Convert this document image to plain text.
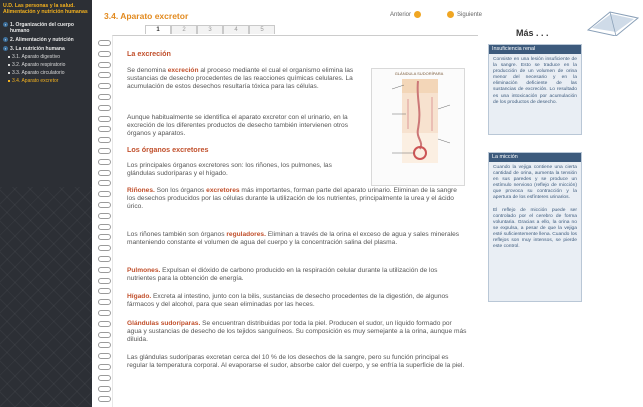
U.D. Las personas y la salud. Alimentación y nutrición humanas
› 1. Organización del cuerpo humano
› 2. Alimentación y nutrición
› 3. La nutrición humana
3.1. Aparato digestivo
3.2. Aparato respiratorio
3.3. Aparato circulatorio
3.4. Aparato excretor
3.4. Aparato excretor	Anterior	Siguiente
1	2	3	4	5
La excreción

Se denomina excreción al proceso mediante el cual el organismo elimina las sustancias de desecho procedentes de las reacciones químicas celulares. La acumulación de estos desechos resultaría tóxica para las células.

Aunque habitualmente se identifica el aparato excretor con el urinario, en la excreción de los diferentes productos de desecho también intervienen otros órganos y aparatos.

Los órganos excretores

Los principales órganos excretores son: los riñones, los pulmones, las glándulas sudoríparas y el hígado.

Riñones. Son los órganos excretores más importantes, forman parte del aparato urinario. Eliminan de la sangre los desechos producidos por las células durante la utilización de los nutrientes, principalmente la urea y el ácido úrico.

Los riñones también son órganos reguladores. Eliminan a través de la orina el exceso de agua y sales minerales manteniendo constante el volumen de agua del cuerpo y la concentración salina del plasma.

Pulmones. Expulsan el dióxido de carbono producido en la respiración celular durante la utilización de los nutrientes para la obtención de energía.

Hígado. Excreta al intestino, junto con la bilis, sustancias de desecho procedentes de la digestión, de algunos fármacos y del alcohol, para que sean eliminadas por las heces.

Glándulas sudoríparas. Se encuentran distribuidas por toda la piel. Producen el sudor, un líquido formado por agua y sustancias de desecho de los tejidos sanguíneos. Su composición es muy semejante a la orina, aunque más diluida.

Las glándulas sudoríparas excretan cerca del 10 % de los desechos de la sangre, pero su función principal es regular la temperatura corporal. Al evaporarse el sudor, absorbe calor del cuerpo, y se enfría la superficie de la piel.

GLÁNDULA SUDORÍPARA
Más . . .
Insuficiencia renal
Consiste en una lesión insuficiente de la sangre. Esto se traduce en la producción de un volumen de orina menor del necesario y en la eliminación deficiente de las sustancias de excreción. Lo resultado es una intoxicación por acumulación de los productos de desecho.
La micción
Cuando la vejiga contiene una cierta cantidad de orina, aumenta la tensión en sus paredes y se produce un estímulo nervioso (reflejo de micción) que provoca su contracción y la apertura de los esfínteres urinarios.
El reflejo de micción puede ser controlado por el cerebro de forma voluntaria. Gracias a ello, la orina no se expulsa, a pesar de que la vejiga esté suficientemente llena. Cuando los reflejos son muy intensos, se pierde este control.
